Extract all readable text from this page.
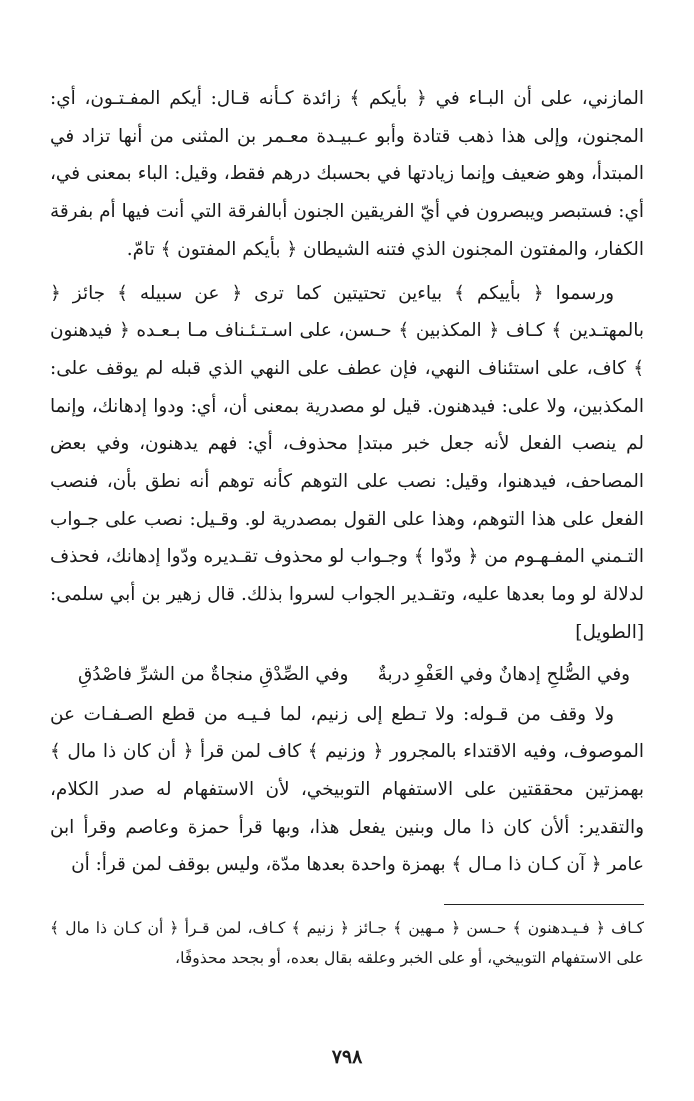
المازني، على أن البـاء في ﴿ بأيكم ﴾ زائدة كـأنه قـال: أيكم المفـتـون، أي: المجنون، وإلى هذا ذهب قتادة وأبو عـبيـدة معـمر بن المثنى من أنها تزاد في المبتدأ، وهو ضعيف وإنما زيادتها في بحسبك درهم فقط، وقيل: الباء بمعنى في، أي: فستبصر ويبصرون في أيّ الفريقين الجنون أبالفرقة التي أنت فيها أم بفرقة الكفار، والمفتون المجنون الذي فتنه الشيطان ﴿ بأيكم المفتون ﴾ تامّ.

ورسموا ﴿ بأييكم ﴾ بياءين تحتيتين كما ترى ﴿ عن سبيله ﴾ جائز ﴿ بالمهتـدين ﴾ كـاف ﴿ المكذبين ﴾ حـسن، على اسـتـئـناف مـا بـعـده ﴿ فيدهنون ﴾ كاف، على استئناف النهي، فإن عطف على النهي الذي قبله لم يوقف على: المكذبين، ولا على: فيدهنون. قيل لو مصدرية بمعنى أن، أي: ودوا إدهانك، وإنما لم ينصب الفعل لأنه جعل خبر مبتدإ محذوف، أي: فهم يدهنون، وفي بعض المصاحف، فيدهنوا، وقيل: نصب على التوهم كأنه توهم أنه نطق بأن، فنصب الفعل على هذا التوهم، وهذا على القول بمصدرية لو. وقـيل: نصب على جـواب التـمني المفـهـوم من ﴿ ودّوا ﴾ وجـواب لو محذوف تقـديره ودّوا إدهانك، فحذف لدلالة لو وما بعدها عليه، وتقـدير الجواب لسروا بذلك. قال زهير بن أبي سلمى: [الطويل]

وفي الصُّلحِ إدهانٌ وفي العَفْوِ دربةٌ
وفي الصِّدْقِ منجاةٌ من الشرِّ فاصْدُقِ

ولا وقف من قـوله: ولا تـطع إلى زنيم، لما فـيـه من قطع الصـفـات عن الموصوف، وفيه الاقتداء بالمجرور ﴿ وزنيم ﴾ كاف لمن قرأ ﴿ أن كان ذا مال ﴾ بهمزتين محققتين على الاستفهام التوبيخي، لأن الاستفهام له صدر الكلام، والتقدير: ألأن كان ذا مال وبنين يفعل هذا، وبها قرأ حمزة وعاصم وقرأ ابن عامر ﴿ آن كـان ذا مـال ﴾ بهمزة واحدة بعدها مدّة، وليس بوقف لمن قرأ: أن

كـاف ﴿ فـيـدهنون ﴾ حـسن ﴿ مـهين ﴾ جـائز ﴿ زنيم ﴾ كـاف، لمن قـرأ ﴿ أن كـان ذا مال ﴾ على الاستفهام التوبيخي، أو على الخبر وعلقه بقال بعده، أو بجحد محذوفًا،

٧٩٨
